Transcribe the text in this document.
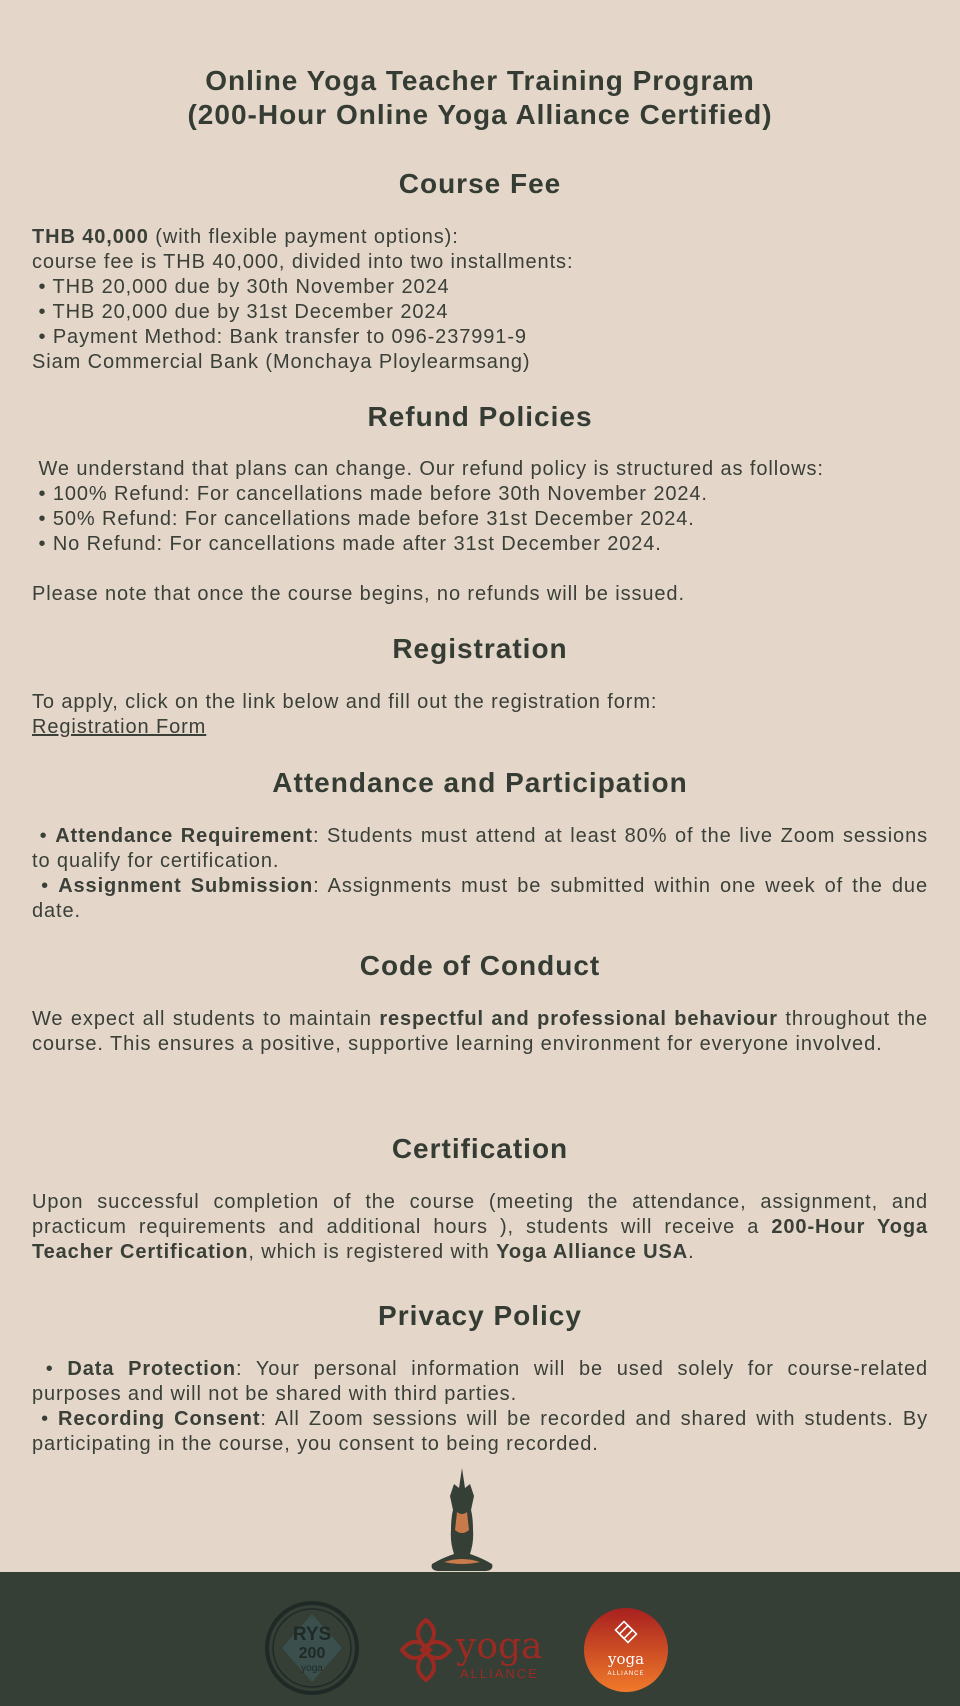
Online Yoga Teacher Training Program
(200-Hour Online Yoga Alliance Certified)
Course Fee
THB 40,000 (with flexible payment options):
course fee is THB 40,000, divided into two installments:
• THB 20,000 due by 30th November 2024
• THB 20,000 due by 31st December 2024
• Payment Method: Bank transfer to 096-237991-9
Siam Commercial Bank (Monchaya Ploylearmsang)
Refund Policies
We understand that plans can change. Our refund policy is structured as follows:
• 100% Refund: For cancellations made before 30th November 2024.
• 50% Refund: For cancellations made before 31st December 2024.
• No Refund: For cancellations made after 31st December 2024.
Please note that once the course begins, no refunds will be issued.
Registration
To apply, click on the link below and fill out the registration form:
Registration Form
Attendance and Participation
• Attendance Requirement: Students must attend at least 80% of the live Zoom sessions to qualify for certification.
• Assignment Submission: Assignments must be submitted within one week of the due date.
Code of Conduct
We expect all students to maintain respectful and professional behaviour throughout the course. This ensures a positive, supportive learning environment for everyone involved.
Certification
Upon successful completion of the course (meeting the attendance, assignment, and practicum requirements and additional hours ), students will receive a 200-Hour Yoga Teacher Certification, which is registered with Yoga Alliance USA.
Privacy Policy
• Data Protection: Your personal information will be used solely for course-related purposes and will not be shared with third parties.
• Recording Consent: All Zoom sessions will be recorded and shared with students. By participating in the course, you consent to being recorded.
RYS
200
yoga
yoga
ALLIANCE
yoga
ALLIANCE
